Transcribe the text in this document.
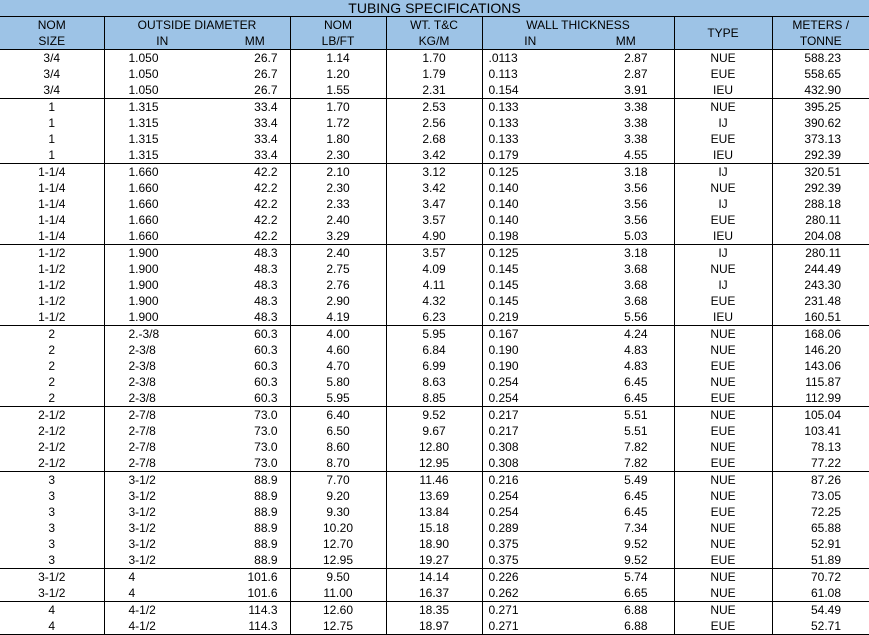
TUBING SPECIFICATIONS								
NOM	OUTSIDE DIAMETER		NOM	WT. T&C	WALL THICKNESS		TYPE	METERS /
SIZE	IN	MM	LB/FT	KG/M	IN	MM		TONNE
3/4	1.050	26.7	1.14	1.70	.0113	2.87	NUE	588.23
3/4	1.050	26.7	1.20	1.79	0.113	2.87	EUE	558.65
3/4	1.050	26.7	1.55	2.31	0.154	3.91	IEU	432.90
1	1.315	33.4	1.70	2.53	0.133	3.38	NUE	395.25
1	1.315	33.4	1.72	2.56	0.133	3.38	IJ	390.62
1	1.315	33.4	1.80	2.68	0.133	3.38	EUE	373.13
1	1.315	33.4	2.30	3.42	0.179	4.55	IEU	292.39
1-1/4	1.660	42.2	2.10	3.12	0.125	3.18	IJ	320.51
1-1/4	1.660	42.2	2.30	3.42	0.140	3.56	NUE	292.39
1-1/4	1.660	42.2	2.33	3.47	0.140	3.56	IJ	288.18
1-1/4	1.660	42.2	2.40	3.57	0.140	3.56	EUE	280.11
1-1/4	1.660	42.2	3.29	4.90	0.198	5.03	IEU	204.08
1-1/2	1.900	48.3	2.40	3.57	0.125	3.18	IJ	280.11
1-1/2	1.900	48.3	2.75	4.09	0.145	3.68	NUE	244.49
1-1/2	1.900	48.3	2.76	4.11	0.145	3.68	IJ	243.30
1-1/2	1.900	48.3	2.90	4.32	0.145	3.68	EUE	231.48
1-1/2	1.900	48.3	4.19	6.23	0.219	5.56	IEU	160.51
2	2.-3/8	60.3	4.00	5.95	0.167	4.24	NUE	168.06
2	2-3/8	60.3	4.60	6.84	0.190	4.83	NUE	146.20
2	2-3/8	60.3	4.70	6.99	0.190	4.83	EUE	143.06
2	2-3/8	60.3	5.80	8.63	0.254	6.45	NUE	115.87
2	2-3/8	60.3	5.95	8.85	0.254	6.45	EUE	112.99
2-1/2	2-7/8	73.0	6.40	9.52	0.217	5.51	NUE	105.04
2-1/2	2-7/8	73.0	6.50	9.67	0.217	5.51	EUE	103.41
2-1/2	2-7/8	73.0	8.60	12.80	0.308	7.82	NUE	78.13
2-1/2	2-7/8	73.0	8.70	12.95	0.308	7.82	EUE	77.22
3	3-1/2	88.9	7.70	11.46	0.216	5.49	NUE	87.26
3	3-1/2	88.9	9.20	13.69	0.254	6.45	NUE	73.05
3	3-1/2	88.9	9.30	13.84	0.254	6.45	EUE	72.25
3	3-1/2	88.9	10.20	15.18	0.289	7.34	NUE	65.88
3	3-1/2	88.9	12.70	18.90	0.375	9.52	NUE	52.91
3	3-1/2	88.9	12.95	19.27	0.375	9.52	EUE	51.89
3-1/2	4	101.6	9.50	14.14	0.226	5.74	NUE	70.72
3-1/2	4	101.6	11.00	16.37	0.262	6.65	NUE	61.08
4	4-1/2	114.3	12.60	18.35	0.271	6.88	NUE	54.49
4	4-1/2	114.3	12.75	18.97	0.271	6.88	EUE	52.71
